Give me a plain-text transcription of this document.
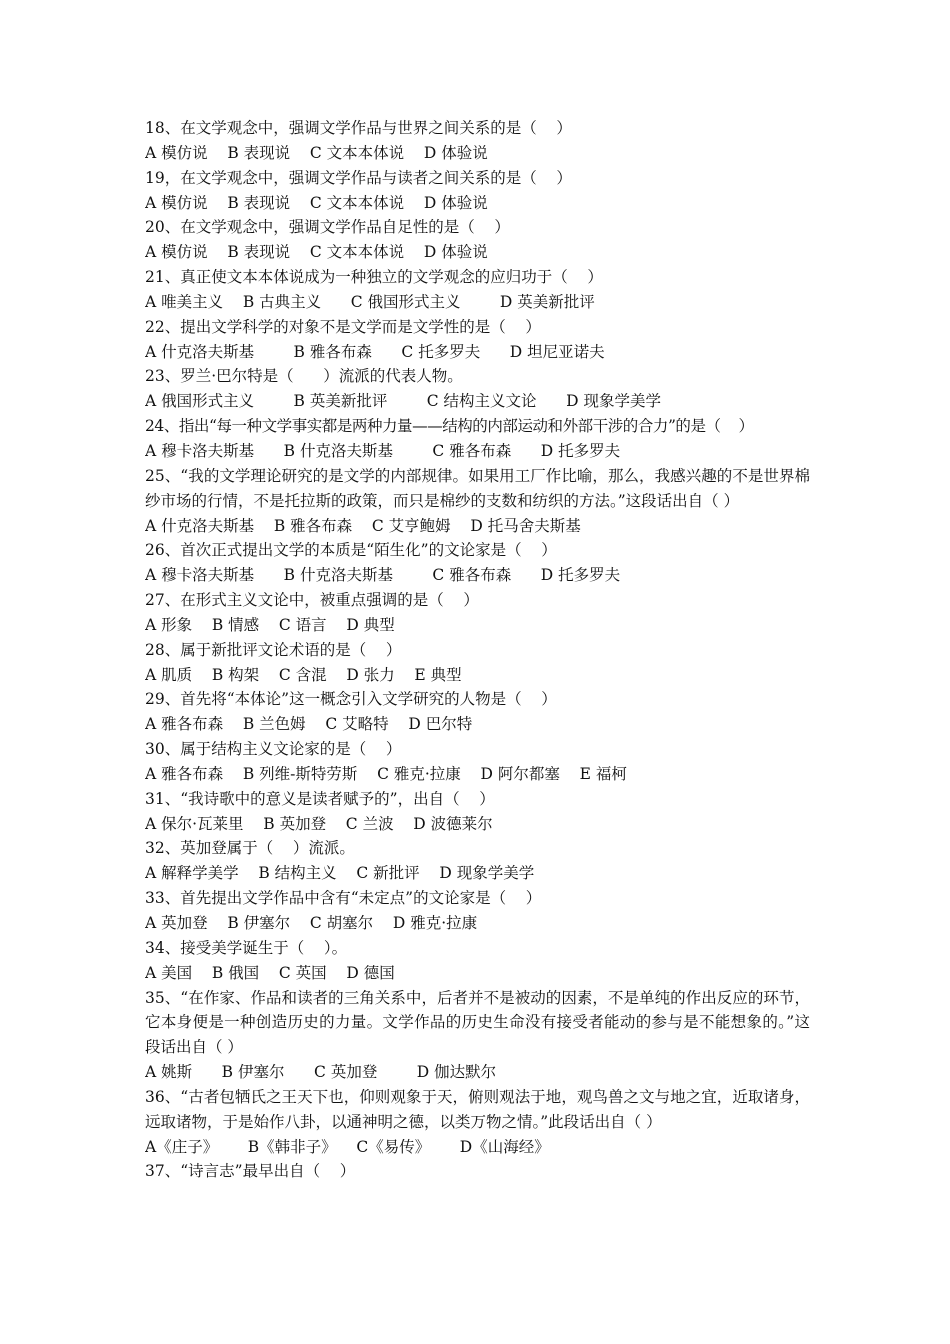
18、在文学观念中，强调文学作品与世界之间关系的是（    ）
A 模仿说    B 表现说    C 文本本体说    D 体验说
19，在文学观念中，强调文学作品与读者之间关系的是（    ）
A 模仿说    B 表现说    C 文本本体说    D 体验说
20、在文学观念中，强调文学作品自足性的是（    ）
A 模仿说    B 表现说    C 文本本体说    D 体验说
21、真正使文本本体说成为一种独立的文学观念的应归功于（    ）
A 唯美主义    B 古典主义      C 俄国形式主义        D 英美新批评
22、提出文学科学的对象不是文学而是文学性的是（    ）
A 什克洛夫斯基        B 雅各布森      C 托多罗夫      D 坦尼亚诺夫
23、罗兰·巴尔特是（      ）流派的代表人物。
A 俄国形式主义        B 英美新批评        C 结构主义文论      D 现象学美学
24、指出“每一种文学事实都是两种力量——结构的内部运动和外部干涉的合力”的是（    ）
A 穆卡洛夫斯基      B 什克洛夫斯基        C 雅各布森      D 托多罗夫
25、“我的文学理论研究的是文学的内部规律。如果用工厂作比喻，那么，我感兴趣的不是世界棉纱市场的行情，不是托拉斯的政策，而只是棉纱的支数和纺织的方法。”这段话出自（ ）
A 什克洛夫斯基    B 雅各布森    C 艾亨鲍姆    D 托马舍夫斯基
26、首次正式提出文学的本质是“陌生化”的文论家是（    ）
A 穆卡洛夫斯基      B 什克洛夫斯基        C 雅各布森      D 托多罗夫
27、在形式主义文论中，被重点强调的是（    ）
A 形象    B 情感    C 语言    D 典型
28、属于新批评文论术语的是（    ）
A 肌质    B 构架    C 含混    D 张力    E 典型
29、首先将“本体论”这一概念引入文学研究的人物是（    ）
A 雅各布森    B 兰色姆    C 艾略特    D 巴尔特
30、属于结构主义文论家的是（    ）
A 雅各布森    B 列维-斯特劳斯    C 雅克·拉康    D 阿尔都塞    E 福柯
31、“我诗歌中的意义是读者赋予的”，出自（    ）
A 保尔·瓦莱里    B 英加登    C 兰波    D 波德莱尔
32、英加登属于（    ）流派。
A 解释学美学    B 结构主义    C 新批评    D 现象学美学
33、首先提出文学作品中含有“未定点”的文论家是（    ）
A 英加登    B 伊塞尔    C 胡塞尔    D 雅克·拉康
34、接受美学诞生于（    ）。
A 美国    B 俄国    C 英国    D 德国
35、“在作家、作品和读者的三角关系中，后者并不是被动的因素，不是单纯的作出反应的环节，它本身便是一种创造历史的力量。文学作品的历史生命没有接受者能动的参与是不能想象的。”这段话出自（ ）
A 姚斯      B 伊塞尔      C 英加登        D 伽达默尔
36、“古者包牺氏之王天下也，仰则观象于天，俯则观法于地，观鸟兽之文与地之宜，近取诸身，远取诸物，于是始作八卦，以通神明之德，以类万物之情。”此段话出自（ ）
A《庄子》      B《韩非子》    C《易传》      D《山海经》
37、“诗言志”最早出自（    ）
